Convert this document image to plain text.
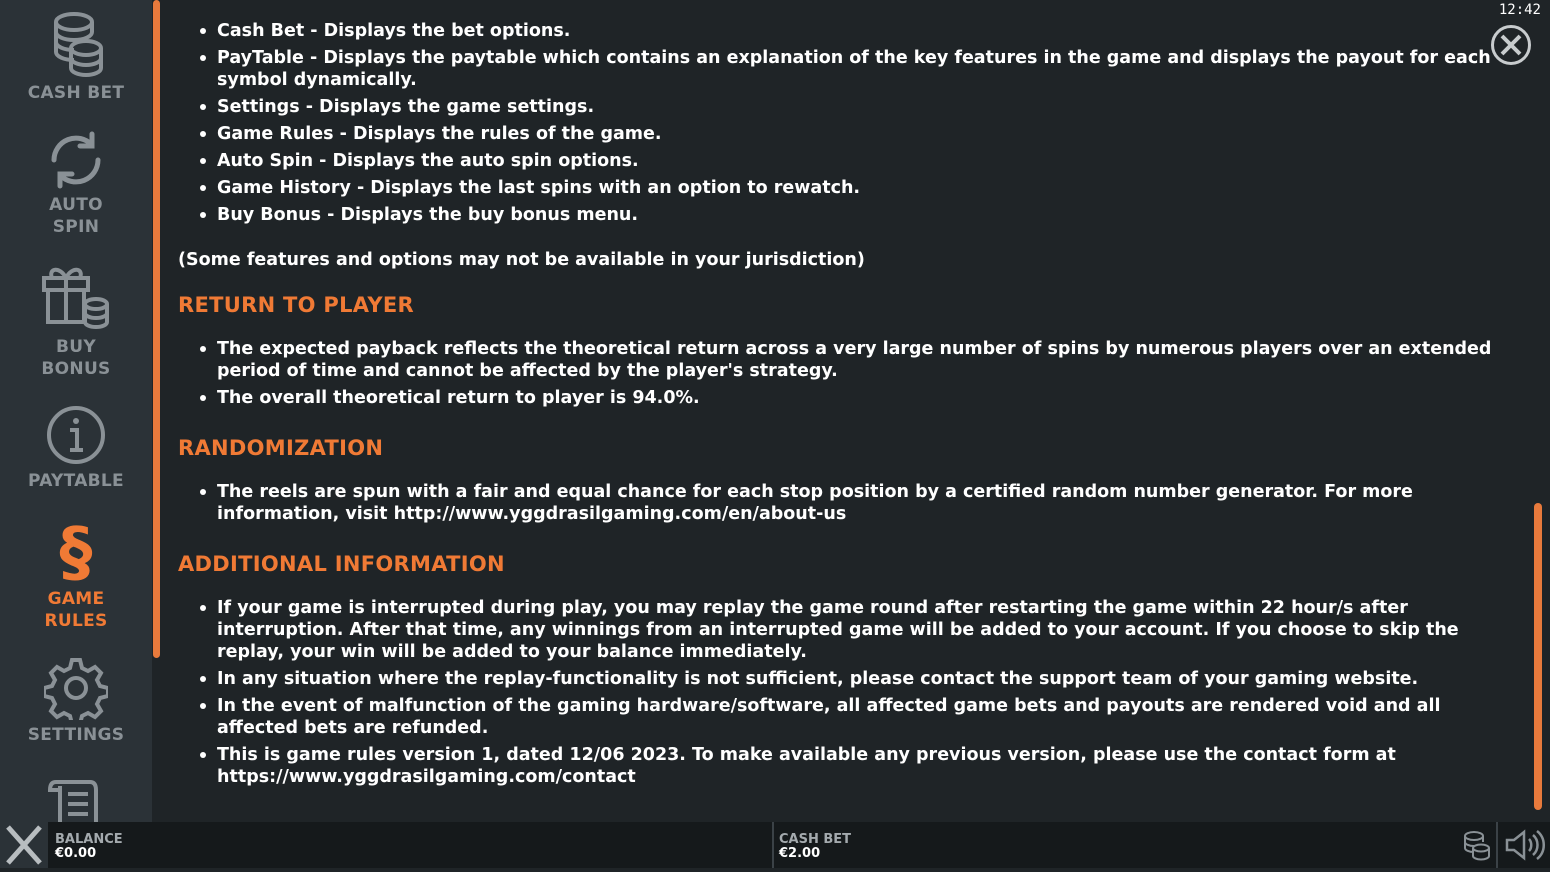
CASH BET
AUTO
SPIN
BUY
BONUS
PAYTABLE
§
GAME
RULES
SETTINGS
Cash Bet - Displays the bet options.
PayTable - Displays the paytable which contains an explanation of the key features in the game and displays the payout for each symbol dynamically.
Settings - Displays the game settings.
Game Rules - Displays the rules of the game.
Auto Spin - Displays the auto spin options.
Game History - Displays the last spins with an option to rewatch.
Buy Bonus - Displays the buy bonus menu.
(Some features and options may not be available in your jurisdiction)
RETURN TO PLAYER
The expected payback reflects the theoretical return across a very large number of spins by numerous players over an extended period of time and cannot be affected by the player's strategy.
The overall theoretical return to player is 94.0%.
RANDOMIZATION
The reels are spun with a fair and equal chance for each stop position by a certified random number generator. For more information, visit http://www.yggdrasilgaming.com/en/about-us
ADDITIONAL INFORMATION
If your game is interrupted during play, you may replay the game round after restarting the game within 22 hour/s after interruption. After that time, any winnings from an interrupted game will be added to your account. If you choose to skip the replay, your win will be added to your balance immediately.
In any situation where the replay-functionality is not sufficient, please contact the support team of your gaming website.
In the event of malfunction of the gaming hardware/software, all affected game bets and payouts are rendered void and all affected bets are refunded.
This is game rules version 1, dated 12/06 2023. To make available any previous version, please use the contact form at https://www.yggdrasilgaming.com/contact
12:42
BALANCE
€0.00
CASH BET
€2.00
